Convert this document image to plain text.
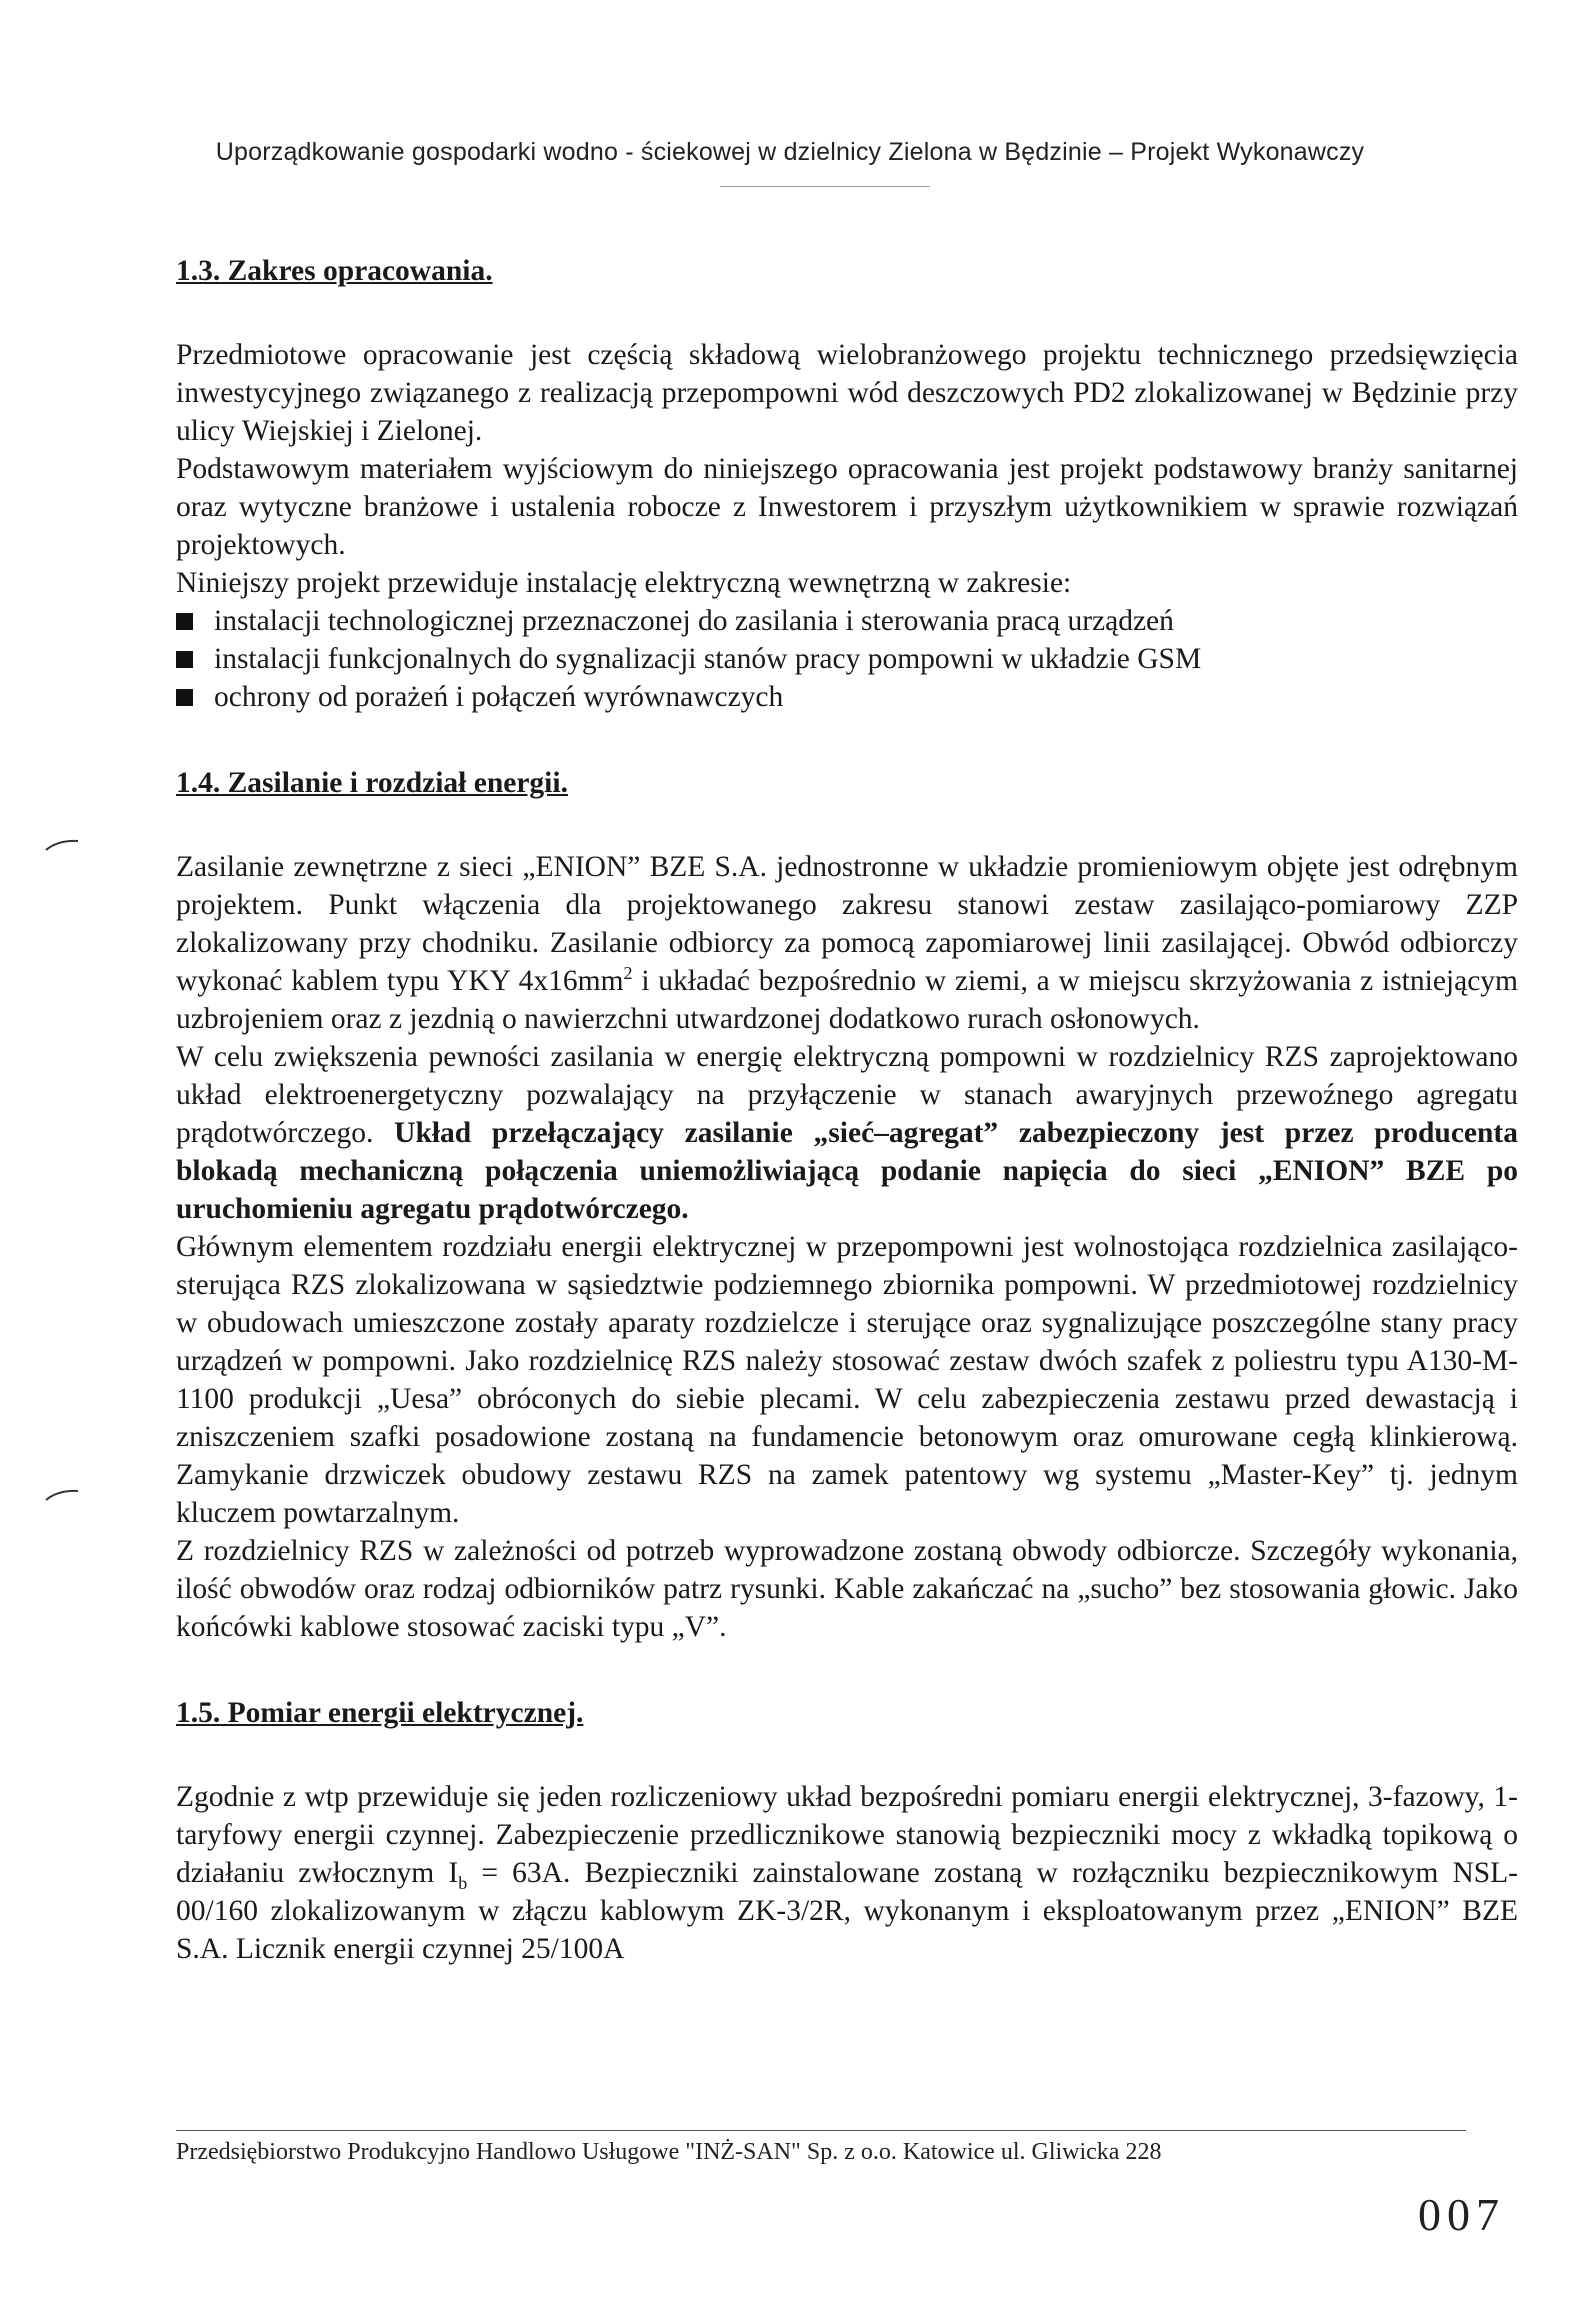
Uporządkowanie gospodarki wodno - ściekowej w dzielnicy Zielona w Będzinie – Projekt Wykonawczy
1.3. Zakres opracowania.

Przedmiotowe opracowanie jest częścią składową wielobranżowego projektu technicznego przedsięwzięcia inwestycyjnego związanego z realizacją przepompowni wód deszczowych PD2 zlokalizowanej w Będzinie przy ulicy Wiejskiej i Zielonej.

Podstawowym materiałem wyjściowym do niniejszego opracowania jest projekt podstawowy branży sanitarnej oraz wytyczne branżowe i ustalenia robocze z Inwestorem i przyszłym użytkownikiem w sprawie rozwiązań projektowych.

Niniejszy projekt przewiduje instalację elektryczną wewnętrzną w zakresie:

instalacji technologicznej przeznaczonej do zasilania i sterowania pracą urządzeń
instalacji funkcjonalnych do sygnalizacji stanów pracy pompowni w układzie GSM
ochrony od porażeń i połączeń wyrównawczych
1.4. Zasilanie i rozdział energii.

Zasilanie zewnętrzne z sieci „ENION” BZE S.A. jednostronne w układzie promieniowym objęte jest odrębnym projektem. Punkt włączenia dla projektowanego zakresu stanowi zestaw zasilająco-pomiarowy ZZP zlokalizowany przy chodniku. Zasilanie odbiorcy za pomocą zapomiarowej linii zasilającej. Obwód odbiorczy wykonać kablem typu YKY $4x16mm^2$ i układać bezpośrednio w ziemi, a w miejscu skrzyżowania z istniejącym uzbrojeniem oraz z jezdnią o nawierzchni utwardzonej dodatkowo rurach osłonowych.

W celu zwiększenia pewności zasilania w energię elektryczną pompowni w rozdzielnicy RZS zaprojektowano układ elektroenergetyczny pozwalający na przyłączenie w stanach awaryjnych przewoźnego agregatu prądotwórczego. Układ przełączający zasilanie „sieć–agregat” zabezpieczony jest przez producenta blokadą mechaniczną połączenia uniemożliwiającą podanie napięcia do sieci „ENION” BZE po uruchomieniu agregatu prądotwórczego.

Głównym elementem rozdziału energii elektrycznej w przepompowni jest wolnostojąca rozdzielnica zasilająco-sterująca RZS zlokalizowana w sąsiedztwie podziemnego zbiornika pompowni. W przedmiotowej rozdzielnicy w obudowach umieszczone zostały aparaty rozdzielcze i sterujące oraz sygnalizujące poszczególne stany pracy urządzeń w pompowni. Jako rozdzielnicę RZS należy stosować zestaw dwóch szafek z poliestru typu A130-M-1100 produkcji „Uesa” obróconych do siebie plecami. W celu zabezpieczenia zestawu przed dewastacją i zniszczeniem szafki posadowione zostaną na fundamencie betonowym oraz omurowane cegłą klinkierową. Zamykanie drzwiczek obudowy zestawu RZS na zamek patentowy wg systemu „Master-Key” tj. jednym kluczem powtarzalnym.

Z rozdzielnicy RZS w zależności od potrzeb wyprowadzone zostaną obwody odbiorcze. Szczegóły wykonania, ilość obwodów oraz rodzaj odbiorników patrz rysunki. Kable zakańczać na „sucho” bez stosowania głowic. Jako końcówki kablowe stosować zaciski typu „V”.

1.5. Pomiar energii elektrycznej.

Zgodnie z wtp przewiduje się jeden rozliczeniowy układ bezpośredni pomiaru energii elektrycznej, 3-fazowy, 1-taryfowy energii czynnej. Zabezpieczenie przedlicznikowe stanowią bezpieczniki mocy z wkładką topikową o działaniu zwłocznym $I_b = 63A$. Bezpieczniki zainstalowane zostaną w rozłączniku bezpiecznikowym NSL-00/160 zlokalizowanym w złączu kablowym ZK-3/2R, wykonanym i eksploatowanym przez „ENION” BZE S.A. Licznik energii czynnej 25/100A

Przedsiębiorstwo Produkcyjno Handlowo Usługowe "INŻ-SAN" Sp. z o.o. Katowice ul. Gliwicka 228
007
